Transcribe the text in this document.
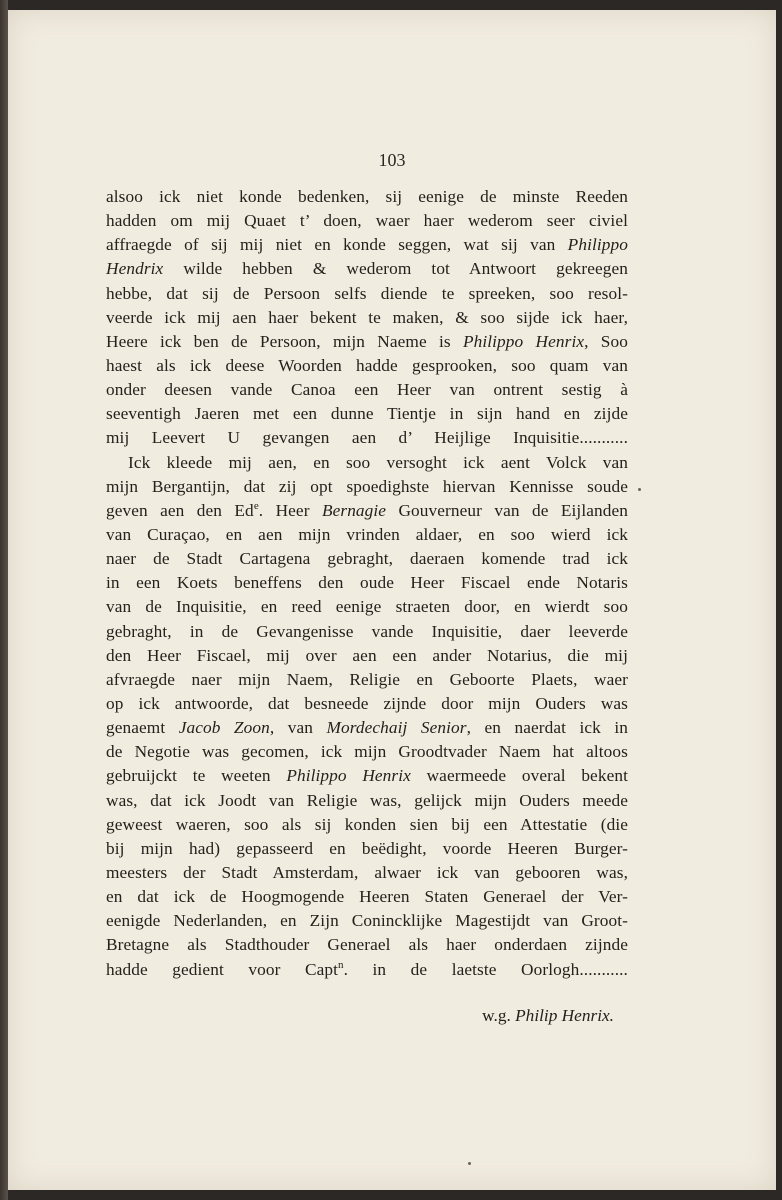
103
alsoo ick niet konde bedenken, sij eenige de minste Reeden
hadden om mij Quaet t’ doen, waer haer wederom seer civiel
affraegde of sij mij niet en konde seggen, wat sij van Philippo
Hendrix wilde hebben & wederom tot Antwoort gekreegen
hebbe, dat sij de Persoon selfs diende te spreeken, soo resol-
veerde ick mij aen haer bekent te maken, & soo sijde ick haer,
Heere ick ben de Persoon, mijn Naeme is Philippo Henrix, Soo
haest als ick deese Woorden hadde gesprooken, soo quam van
onder deesen vande Canoa een Heer van ontrent sestig à
seeventigh Jaeren met een dunne Tientje in sijn hand en zijde
mij Leevert U gevangen aen d’ Heijlige Inquisitie...........
Ick kleede mij aen, en soo versoght ick aent Volck van
mijn Bergantijn, dat zij opt spoedighste hiervan Kennisse soude
geven aen den Ed$^e$. Heer Bernagie Gouverneur van de Eijlanden
van Curaçao, en aen mijn vrinden aldaer, en soo wierd ick
naer de Stadt Cartagena gebraght, daeraen komende trad ick
in een Koets beneffens den oude Heer Fiscael ende Notaris
van de Inquisitie, en reed eenige straeten door, en wierdt soo
gebraght, in de Gevangenisse vande Inquisitie, daer leeverde
den Heer Fiscael, mij over aen een ander Notarius, die mij
afvraegde naer mijn Naem, Religie en Geboorte Plaets, waer
op ick antwoorde, dat besneede zijnde door mijn Ouders was
genaemt Jacob Zoon, van Mordechaij Senior, en naerdat ick in
de Negotie was gecomen, ick mijn Groodtvader Naem hat altoos
gebruijckt te weeten Philippo Henrix waermeede overal bekent
was, dat ick Joodt van Religie was, gelijck mijn Ouders meede
geweest waeren, soo als sij konden sien bij een Attestatie (die
bij mijn had) gepasseerd en beëdight, voorde Heeren Burger-
meesters der Stadt Amsterdam, alwaer ick van gebooren was,
en dat ick de Hoogmogende Heeren Staten Generael der Ver-
eenigde Nederlanden, en Zijn Conincklijke Magestijdt van Groot-
Bretagne als Stadthouder Generael als haer onderdaen zijnde
hadde gedient voor Capt$^n$. in de laetste Oorlogh...........
w.g. Philip Henrix.
